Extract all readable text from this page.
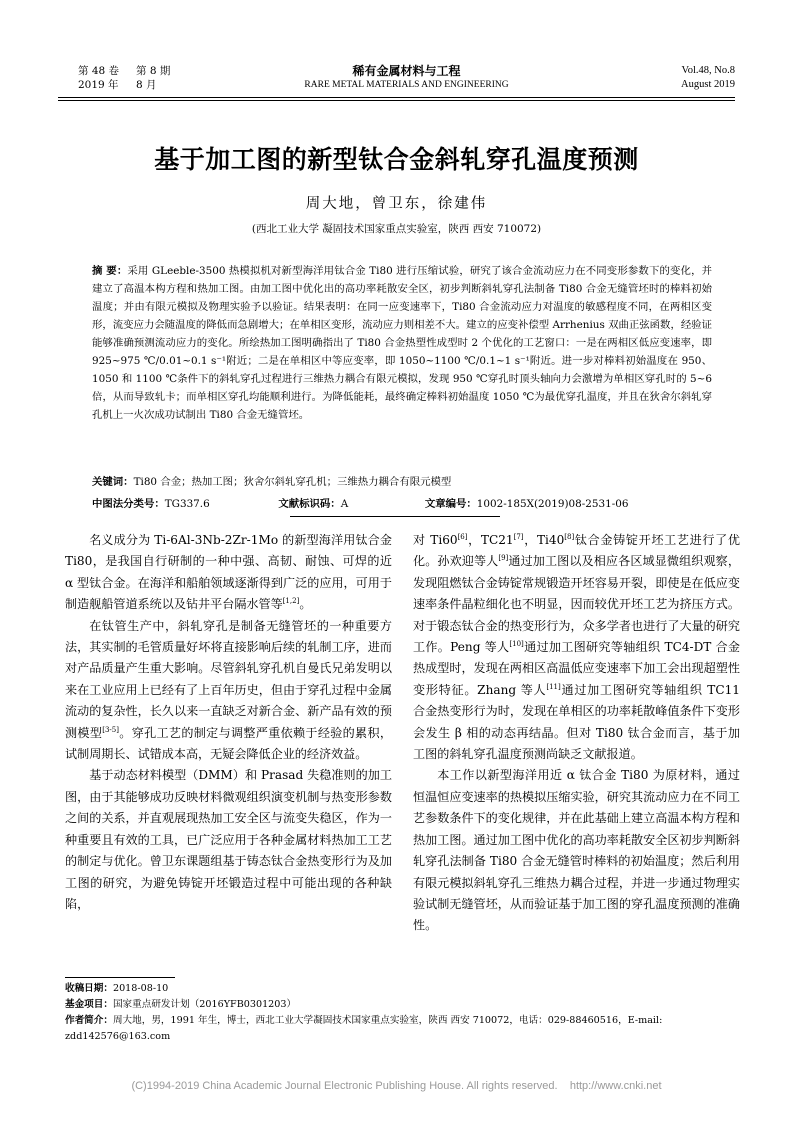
第 48 卷 第 8 期
2019 年 8 月
稀有金属材料与工程
RARE METAL MATERIALS AND ENGINEERING
Vol.48, No.8
August 2019
基于加工图的新型钛合金斜轧穿孔温度预测
周大地，曾卫东，徐建伟
(西北工业大学 凝固技术国家重点实验室，陕西 西安 710072)
摘 要：采用 GLeeble-3500 热模拟机对新型海洋用钛合金 Ti80 进行压缩试验，研究了该合金流动应力在不同变形参数下的变化，并建立了高温本构方程和热加工图。由加工图中优化出的高功率耗散安全区，初步判断斜轧穿孔法制备 Ti80 合金无缝管坯时的棒料初始温度；并由有限元模拟及物理实验予以验证。结果表明：在同一应变速率下，Ti80 合金流动应力对温度的敏感程度不同，在两相区变形，流变应力会随温度的降低而急剧增大；在单相区变形，流动应力则相差不大。建立的应变补偿型 Arrhenius 双曲正弦函数，经验证能够准确预测流动应力的变化。所绘热加工图明确指出了 Ti80 合金热塑性成型时 2 个优化的工艺窗口：一是在两相区低应变速率，即 925~975 ℃/0.01~0.1 s⁻¹附近；二是在单相区中等应变率，即 1050~1100 ℃/0.1~1 s⁻¹附近。进一步对棒料初始温度在 950、1050 和 1100 ℃条件下的斜轧穿孔过程进行三维热力耦合有限元模拟，发现 950 ℃穿孔时顶头轴向力会激增为单相区穿孔时的 5~6 倍，从而导致轧卡；而单相区穿孔均能顺利进行。为降低能耗，最终确定棒料初始温度 1050 ℃为最优穿孔温度，并且在狄舍尔斜轧穿孔机上一火次成功试制出 Ti80 合金无缝管坯。
关键词：Ti80 合金；热加工图；狄舍尔斜轧穿孔机；三维热力耦合有限元模型
中图法分类号：TG337.6	文献标识码：A	文章编号：1002-185X(2019)08-2531-06

名义成分为 Ti-6Al-3Nb-2Zr-1Mo 的新型海洋用钛合金 Ti80，是我国自行研制的一种中强、高韧、耐蚀、可焊的近 α 型钛合金。在海洋和船舶领域逐渐得到广泛的应用，可用于制造舰船管道系统以及钻井平台隔水管等[1,2]。

在钛管生产中，斜轧穿孔是制备无缝管坯的一种重要方法，其实制的毛管质量好坏将直接影响后续的轧制工序，进而对产品质量产生重大影响。尽管斜轧穿孔机自曼氏兄弟发明以来在工业应用上已经有了上百年历史，但由于穿孔过程中金属流动的复杂性，长久以来一直缺乏对新合金、新产品有效的预测模型[3-5]。穿孔工艺的制定与调整严重依赖于经验的累积，试制周期长、试错成本高，无疑会降低企业的经济效益。

基于动态材料模型（DMM）和 Prasad 失稳准则的加工图，由于其能够成功反映材料微观组织演变机制与热变形参数之间的关系，并直观展现热加工安全区与流变失稳区，作为一种重要且有效的工具，已广泛应用于各种金属材料热加工工艺的制定与优化。曾卫东课题组基于铸态钛合金热变形行为及加工图的研究，为避免铸锭开坯锻造过程中可能出现的各种缺陷，

对 Ti60[6]，TC21[7]，Ti40[8]钛合金铸锭开坯工艺进行了优化。孙欢迎等人[9]通过加工图以及相应各区域显微组织观察，发现阻燃钛合金铸锭常规锻造开坯容易开裂，即使是在低应变速率条件晶粒细化也不明显，因而较优开坯工艺为挤压方式。对于锻态钛合金的热变形行为，众多学者也进行了大量的研究工作。Peng 等人[10]通过加工图研究等轴组织 TC4-DT 合金热成型时，发现在两相区高温低应变速率下加工会出现超塑性变形特征。Zhang 等人[11]通过加工图研究等轴组织 TC11 合金热变形行为时，发现在单相区的功率耗散峰值条件下变形会发生 β 相的动态再结晶。但对 Ti80 钛合金而言，基于加工图的斜轧穿孔温度预测尚缺乏文献报道。

本工作以新型海洋用近 α 钛合金 Ti80 为原材料，通过恒温恒应变速率的热模拟压缩实验，研究其流动应力在不同工艺参数条件下的变化规律，并在此基础上建立高温本构方程和热加工图。通过加工图中优化的高功率耗散安全区初步判断斜轧穿孔法制备 Ti80 合金无缝管时棒料的初始温度；然后利用有限元模拟斜轧穿孔三维热力耦合过程，并进一步通过物理实验试制无缝管坯，从而验证基于加工图的穿孔温度预测的准确性。

收稿日期：2018-08-10
基金项目：国家重点研发计划（2016YFB0301203）
作者简介：周大地，男，1991 年生，博士，西北工业大学凝固技术国家重点实验室，陕西 西安 710072，电话：029-88460516，E-mail: zdd142576@163.com
(C)1994-2019 China Academic Journal Electronic Publishing House. All rights reserved.    http://www.cnki.net
